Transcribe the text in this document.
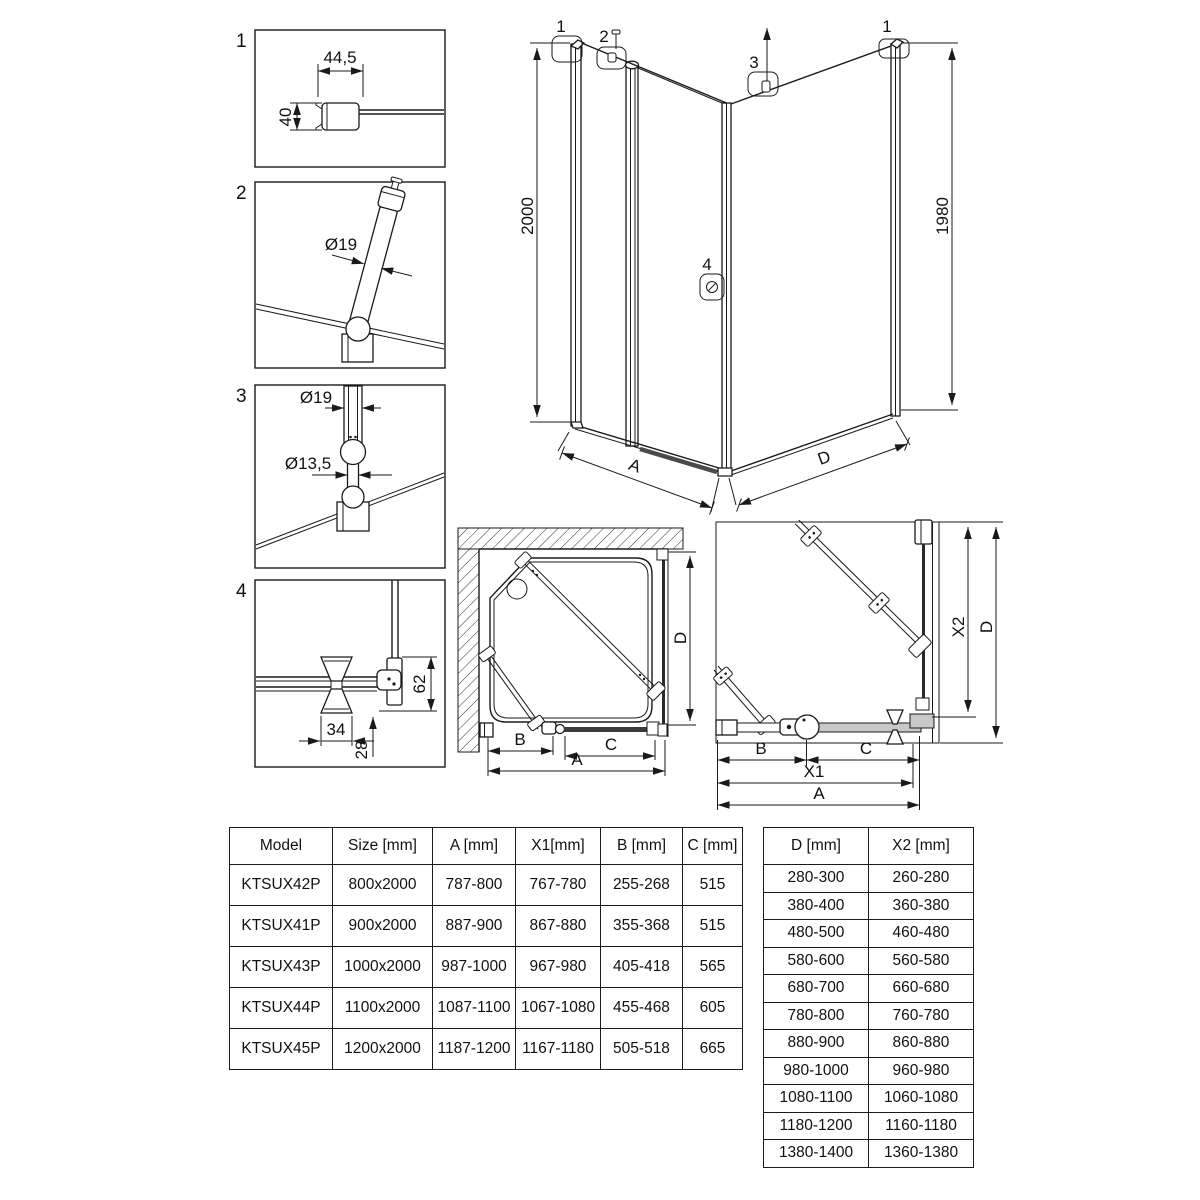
1
44,5
40
2
Ø19
3	Ø19
Ø13,5
4
62
34
28
2000	1980
A	D
1
2
3
1
4
D
B	C
A
X2 D
B	C
X1
A
Model	Size [mm]	A [mm]	X1[mm]	B [mm]	C [mm]
KTSUX42P	800x2000	787-800	767-780	255-268	515
KTSUX41P	900x2000	887-900	867-880	355-368	515
KTSUX43P	1000x2000	987-1000	967-980	405-418	565
KTSUX44P	1100x2000	1087-1100	1067-1080	455-468	605
KTSUX45P	1200x2000	1187-1200	1167-1180	505-518	665
D [mm]	X2 [mm]
280-300	260-280
380-400	360-380
480-500	460-480
580-600	560-580
680-700	660-680
780-800	760-780
880-900	860-880
980-1000	960-980
1080-1100	1060-1080
1180-1200	1160-1180
1380-1400	1360-1380
